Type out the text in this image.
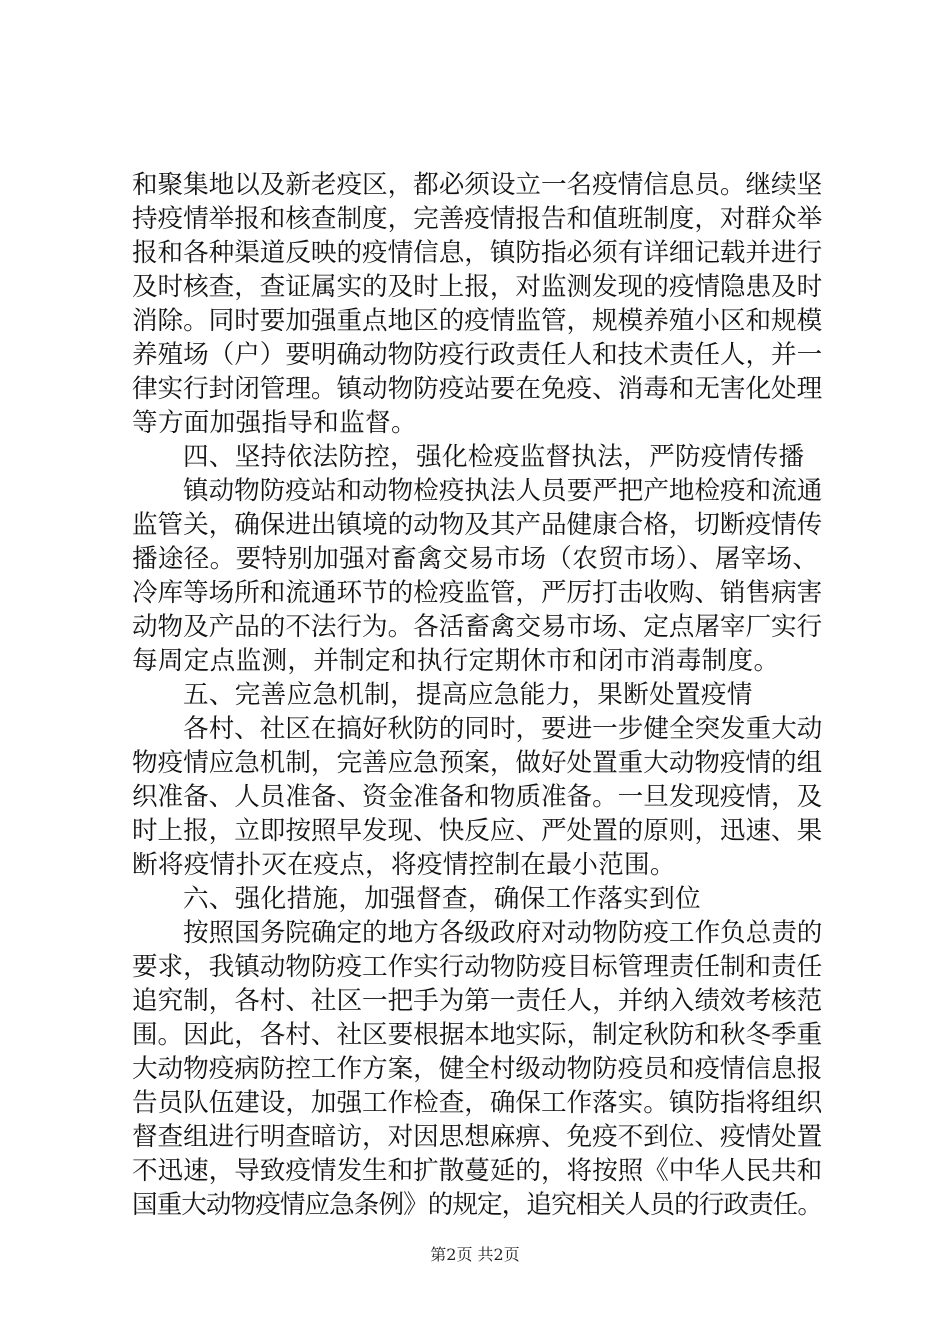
和聚集地以及新老疫区，都必须设立一名疫情信息员。继续坚

持疫情举报和核查制度，完善疫情报告和值班制度，对群众举

报和各种渠道反映的疫情信息，镇防指必须有详细记载并进行

及时核查，查证属实的及时上报，对监测发现的疫情隐患及时

消除。同时要加强重点地区的疫情监管，规模养殖小区和规模

养殖场（户）要明确动物防疫行政责任人和技术责任人，并一

律实行封闭管理。镇动物防疫站要在免疫、消毒和无害化处理

等方面加强指导和监督。

四、坚持依法防控，强化检疫监督执法，严防疫情传播

镇动物防疫站和动物检疫执法人员要严把产地检疫和流通

监管关，确保进出镇境的动物及其产品健康合格，切断疫情传

播途径。要特别加强对畜禽交易市场（农贸市场）、屠宰场、

冷库等场所和流通环节的检疫监管，严厉打击收购、销售病害

动物及产品的不法行为。各活畜禽交易市场、定点屠宰厂实行

每周定点监测，并制定和执行定期休市和闭市消毒制度。

五、完善应急机制，提高应急能力，果断处置疫情

各村、社区在搞好秋防的同时，要进一步健全突发重大动

物疫情应急机制，完善应急预案，做好处置重大动物疫情的组

织准备、人员准备、资金准备和物质准备。一旦发现疫情，及

时上报，立即按照早发现、快反应、严处置的原则，迅速、果

断将疫情扑灭在疫点，将疫情控制在最小范围。

六、强化措施，加强督查，确保工作落实到位

按照国务院确定的地方各级政府对动物防疫工作负总责的

要求，我镇动物防疫工作实行动物防疫目标管理责任制和责任

追究制，各村、社区一把手为第一责任人，并纳入绩效考核范

围。因此，各村、社区要根据本地实际，制定秋防和秋冬季重

大动物疫病防控工作方案，健全村级动物防疫员和疫情信息报

告员队伍建设，加强工作检查，确保工作落实。镇防指将组织

督查组进行明查暗访，对因思想麻痹、免疫不到位、疫情处置

不迅速，导致疫情发生和扩散蔓延的，将按照《中华人民共和

国重大动物疫情应急条例》的规定，追究相关人员的行政责任。

第2页 共2页
